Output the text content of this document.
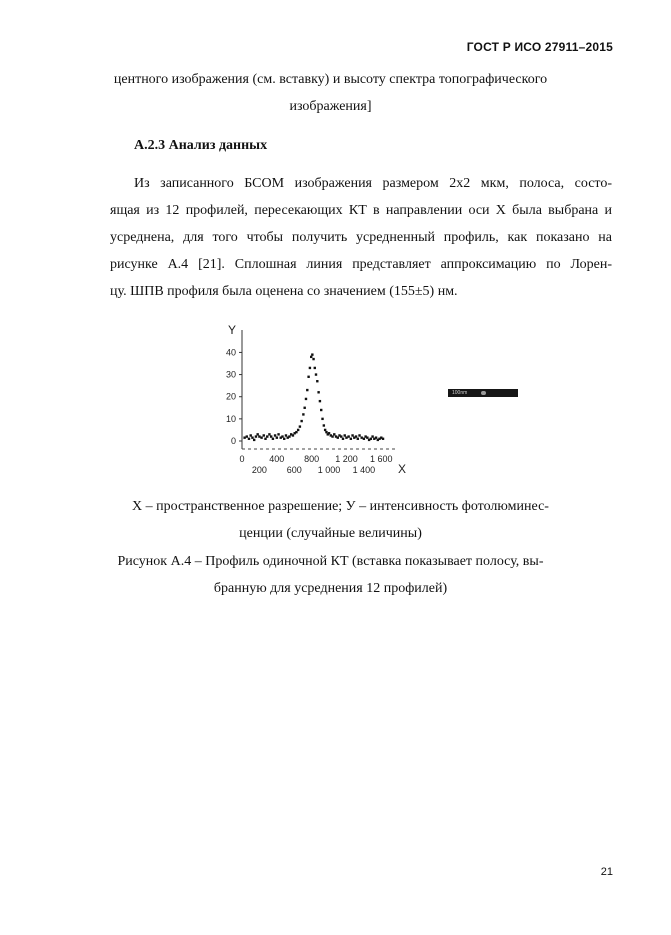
ГОСТ Р ИСО 27911–2015
центного изображения (см. вставку) и высоту спектра топографического
изображения]
А.2.3 Анализ данных
Из записанного БСОМ изображения размером 2x2 мкм, полоса, состо-
ящая из 12 профилей, пересекающих КТ в направлении оси X была выбрана и
усреднена, для того чтобы получить усредненный профиль, как показано на
рисунке А.4 [21]. Сплошная линия представляет аппроксимацию по Лорен-
цу. ШПВ профиля была оценена со значением (155±5) нм.
Y
X
0
10
20
30
40
0	400 800 1 200 1 600
200 600 1 000 1 400
100nm
X – пространственное разрешение; У – интенсивность фотолюминес-
ценции (случайные величины)
Рисунок А.4 – Профиль одиночной КТ (вставка показывает полосу, вы-
бранную для усреднения 12 профилей)
21
